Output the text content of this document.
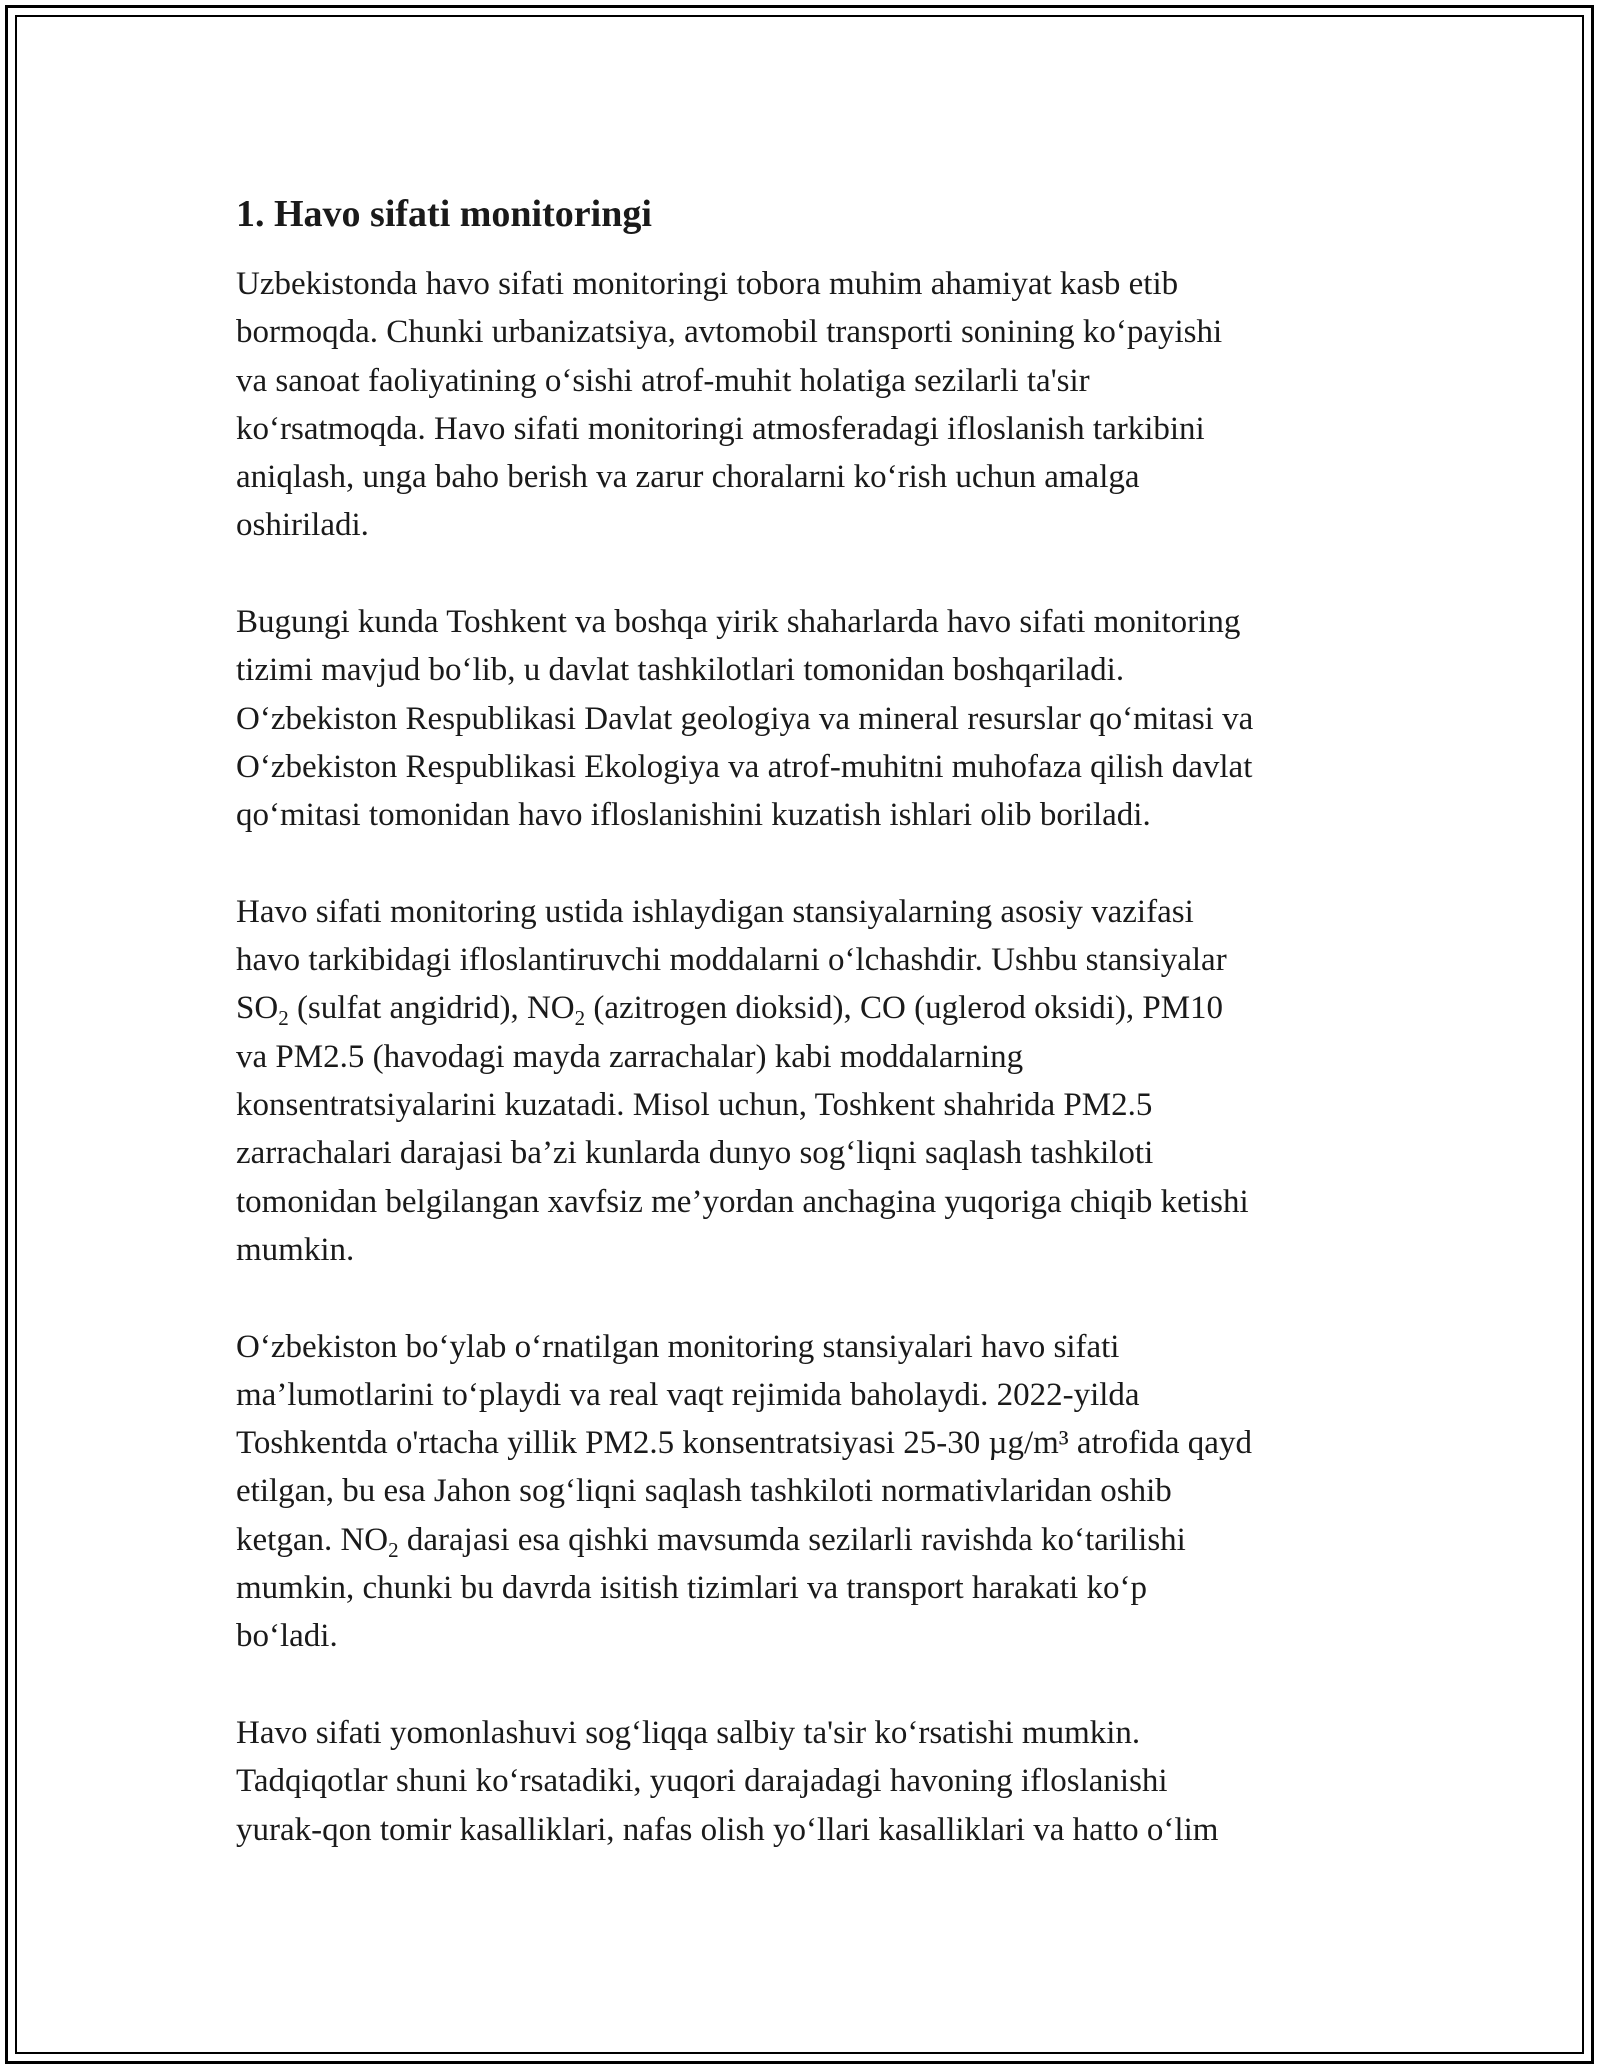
1. Havo sifati monitoringi
Uzbekistonda havo sifati monitoringi tobora muhim ahamiyat kasb etib
bormoqda. Chunki urbanizatsiya, avtomobil transporti sonining ko‘payishi
va sanoat faoliyatining o‘sishi atrof-muhit holatiga sezilarli ta'sir
ko‘rsatmoqda. Havo sifati monitoringi atmosferadagi ifloslanish tarkibini
aniqlash, unga baho berish va zarur choralarni ko‘rish uchun amalga
oshiriladi.
Bugungi kunda Toshkent va boshqa yirik shaharlarda havo sifati monitoring
tizimi mavjud bo‘lib, u davlat tashkilotlari tomonidan boshqariladi.
O‘zbekiston Respublikasi Davlat geologiya va mineral resurslar qo‘mitasi va
O‘zbekiston Respublikasi Ekologiya va atrof-muhitni muhofaza qilish davlat
qo‘mitasi tomonidan havo ifloslanishini kuzatish ishlari olib boriladi.
Havo sifati monitoring ustida ishlaydigan stansiyalarning asosiy vazifasi
havo tarkibidagi ifloslantiruvchi moddalarni o‘lchashdir. Ushbu stansiyalar
$SO_2$ (sulfat angidrid), $NO_2$ (azitrogen dioksid), CO (uglerod oksidi), PM10
va PM2.5 (havodagi mayda zarrachalar) kabi moddalarning
konsentratsiyalarini kuzatadi. Misol uchun, Toshkent shahrida PM2.5
zarrachalari darajasi ba’zi kunlarda dunyo sog‘liqni saqlash tashkiloti
tomonidan belgilangan xavfsiz me’yordan anchagina yuqoriga chiqib ketishi
mumkin.
O‘zbekiston bo‘ylab o‘rnatilgan monitoring stansiyalari havo sifati
ma’lumotlarini to‘playdi va real vaqt rejimida baholaydi. 2022-yilda
Toshkentda o'rtacha yillik PM2.5 konsentratsiyasi 25-30 µg/m³ atrofida qayd
etilgan, bu esa Jahon sog‘liqni saqlash tashkiloti normativlaridan oshib
ketgan. $NO_2$ darajasi esa qishki mavsumda sezilarli ravishda ko‘tarilishi
mumkin, chunki bu davrda isitish tizimlari va transport harakati ko‘p
bo‘ladi.
Havo sifati yomonlashuvi sog‘liqqa salbiy ta'sir ko‘rsatishi mumkin.
Tadqiqotlar shuni ko‘rsatadiki, yuqori darajadagi havoning ifloslanishi
yurak-qon tomir kasalliklari, nafas olish yo‘llari kasalliklari va hatto o‘lim
